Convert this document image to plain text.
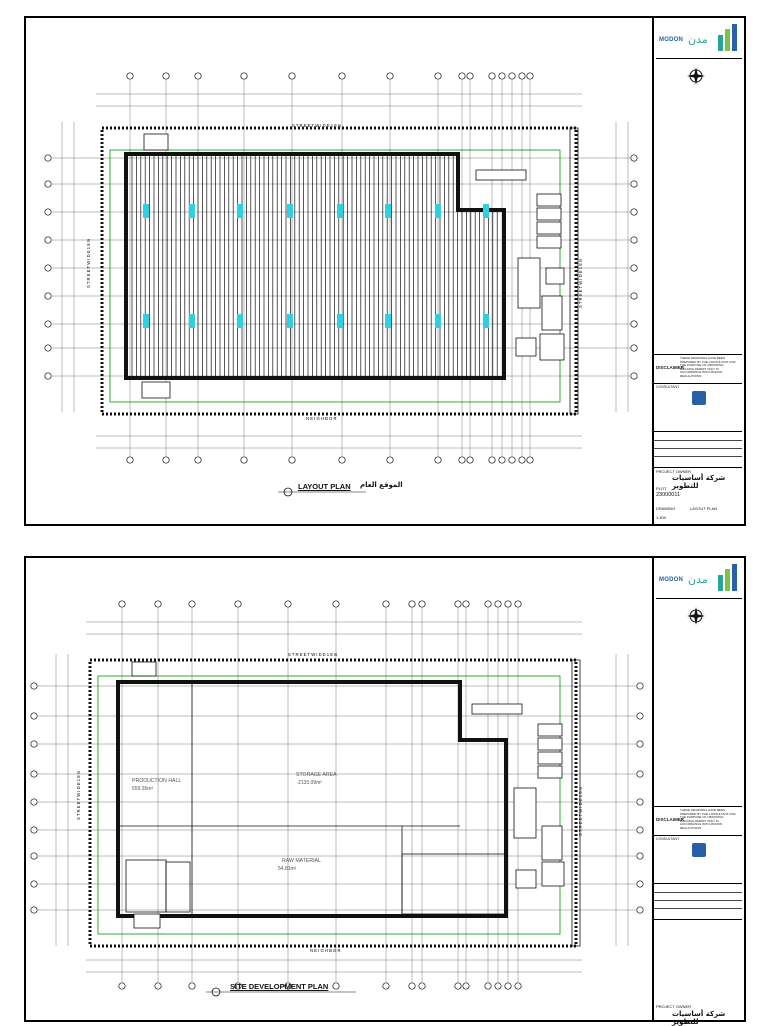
S T R E E T W I D E 1 8 m
S T R E E T W I D E 1 8 m	S T R E E T W I D E 1 8 m
N E I G H B O R
LAYOUT PLAN الموقع العام
MODON مدن
DISCLAIMER
THESE DRAWINGS HAVE BEEN PREPARED BY THE CONSULTANT FOR THE PURPOSE OF OBTAINING BUILDING PERMIT ONLY IN ACCORDANCE WITH MODON REGULATIONS
CONSULTANT
PROJECT OWNER
شركة أساسيات للتطوير
PLOT
23000011
DRAWING	LAYOUT PLAN
1:400
S T R E E T W I D E 1 8 m
S T R E E T W I D E 1 8 m	S T R E E T W I D E 1 8 m
N E I G H B O R
PRODUCTION HALL
559.35m²
STORAGE AREA
2135.09m²
RAW MATERIAL
54.81m²
SITE DEVELOPMENT PLAN
MODON مدن
DISCLAIMER
THESE DRAWINGS HAVE BEEN PREPARED BY THE CONSULTANT FOR THE PURPOSE OF OBTAINING BUILDING PERMIT ONLY IN ACCORDANCE WITH MODON REGULATIONS
CONSULTANT
PROJECT OWNER
شركة أساسيات للتطوير
